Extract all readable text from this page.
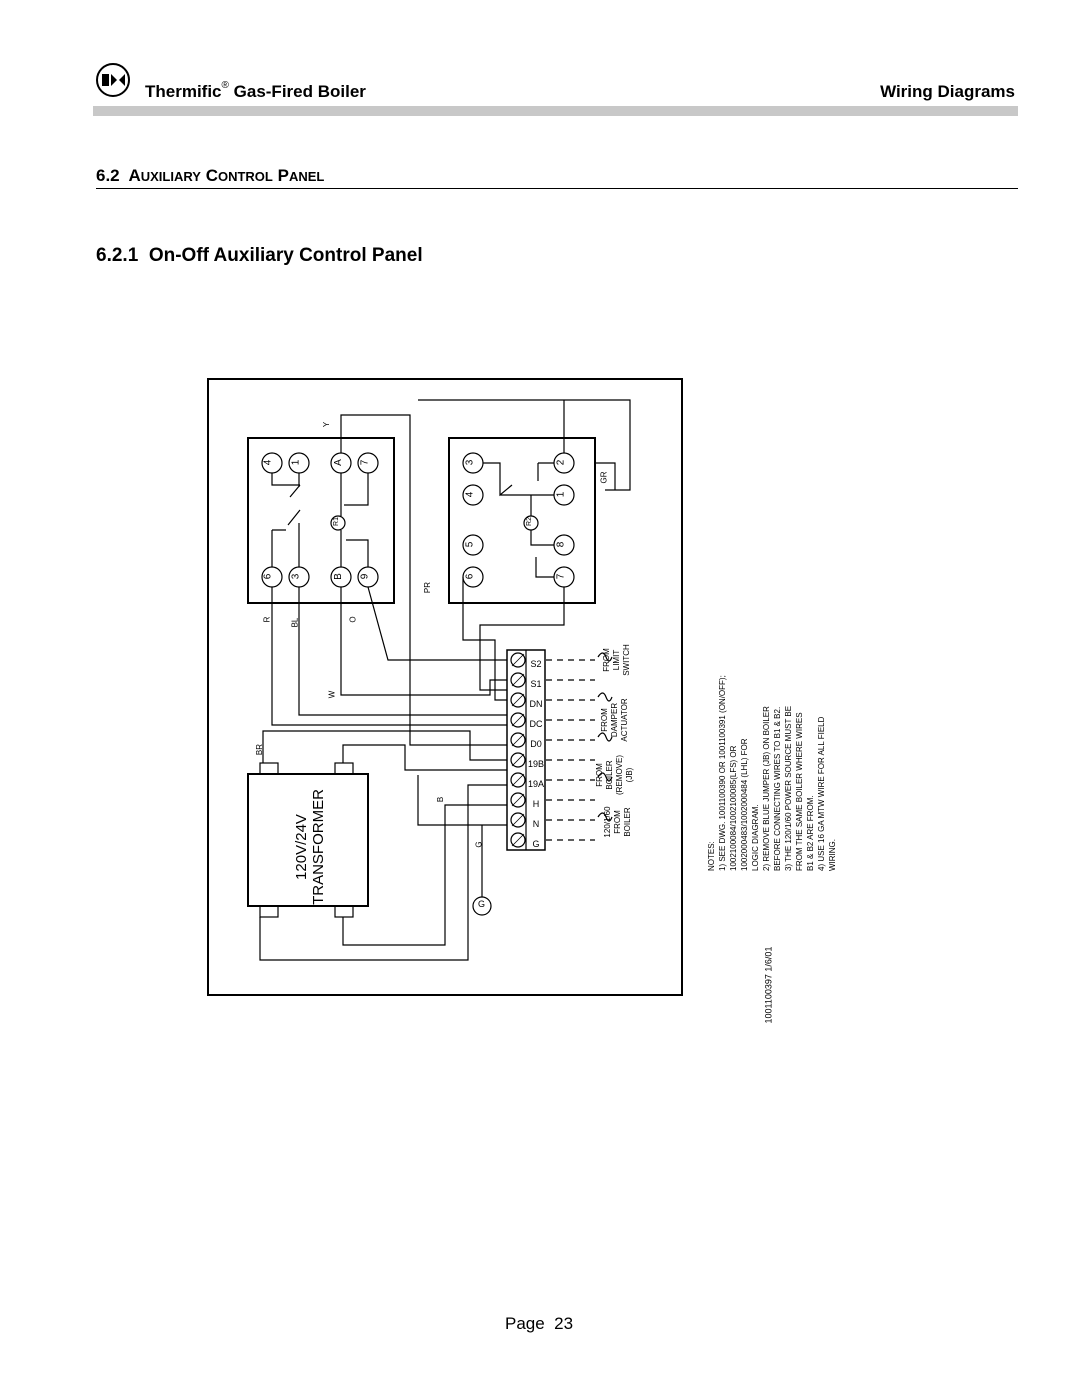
Thermific® Gas-Fired Boiler	Wiring Diagrams
6.2 AUXILIARY CONTROL PANEL
6.2.1 On-Off Auxiliary Control Panel
4 1	A 7
6 3	B 9
R1
3
4
5
6
2
1
8
7
R2
120V/24V TRANSFORMER
S2
S1
DN
DC
D0
19B
19A
H
N
G
Y
R BL	O
W
BR
PR
GR
B
G
G
FROM LIMIT SWITCH
FROM DAMPER ACTUATOR
FROM BOILER (REMOVE) (JB)
120/1/60 FROM BOILER
NOTES: 1) SEE DWG. 1001100390 OR 1001100391 (ON/OFF); 1002100084/1002100085(LFS) OR 1002000483/1002000484 (LHL) FOR LOGIC DIAGRAM. 2) REMOVE BLUE JUMPER (JB) ON BOILER BEFORE CONNECTING WIRES TO B1 & B2. 3) THE 120/1/60 POWER SOURCE MUST BE FROM THE SAME BOILER WHERE WIRES B1 & B2 ARE FROM. 4) USE 16 GA MTW WIRE FOR ALL FIELD WIRING.
1001100397 1/6/01
Page 23
